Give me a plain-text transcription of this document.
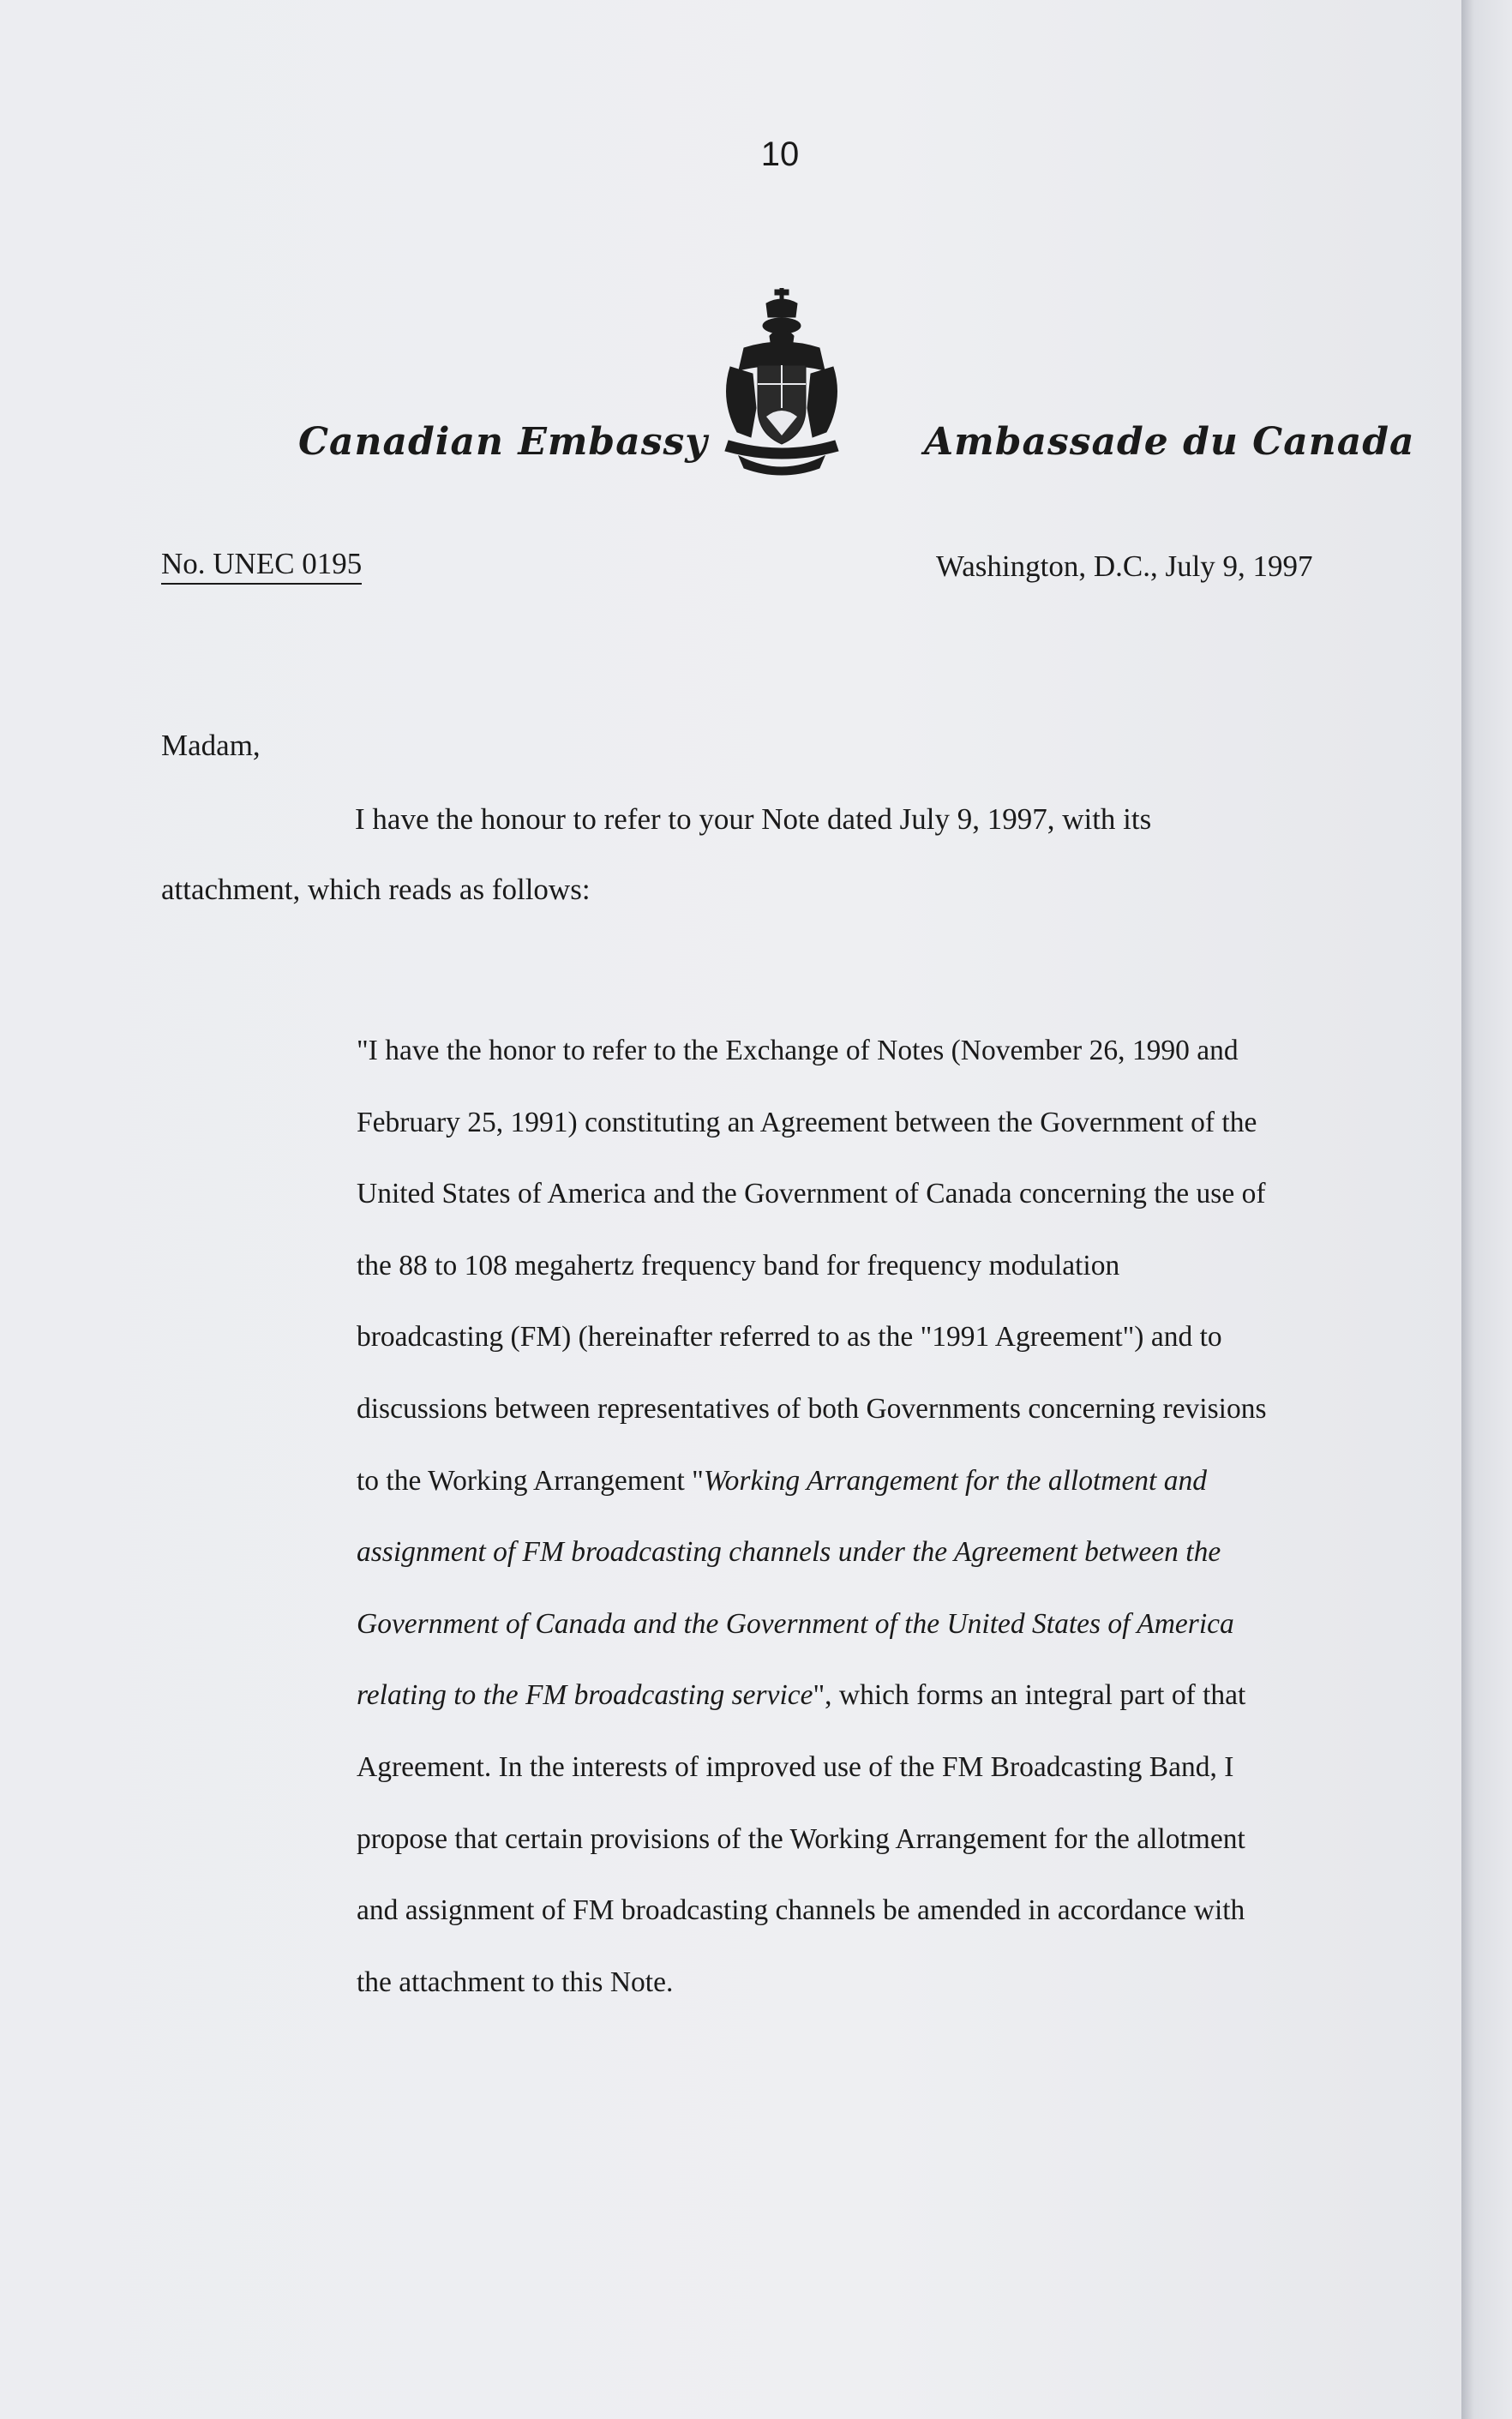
10
Canadian Embassy	Ambassade du Canada
No. UNEC 0195	Washington, D.C., July 9, 1997
Madam,
I have the honour to refer to your Note dated July 9, 1997, with its
attachment, which reads as follows:
"I have the honor to refer to the Exchange of Notes (November 26, 1990 and
February 25, 1991) constituting an Agreement between the Government of the
United States of America and the Government of Canada concerning the use of
the 88 to 108 megahertz frequency band for frequency modulation
broadcasting (FM) (hereinafter referred to as the "1991 Agreement") and to
discussions between representatives of both Governments concerning revisions
to the Working Arrangement "Working Arrangement for the allotment and
assignment of FM broadcasting channels under the Agreement between the
Government of Canada and the Government of the United States of America
relating to the FM broadcasting service", which forms an integral part of that
Agreement. In the interests of improved use of the FM Broadcasting Band, I
propose that certain provisions of the Working Arrangement for the allotment
and assignment of FM broadcasting channels be amended in accordance with
the attachment to this Note.
